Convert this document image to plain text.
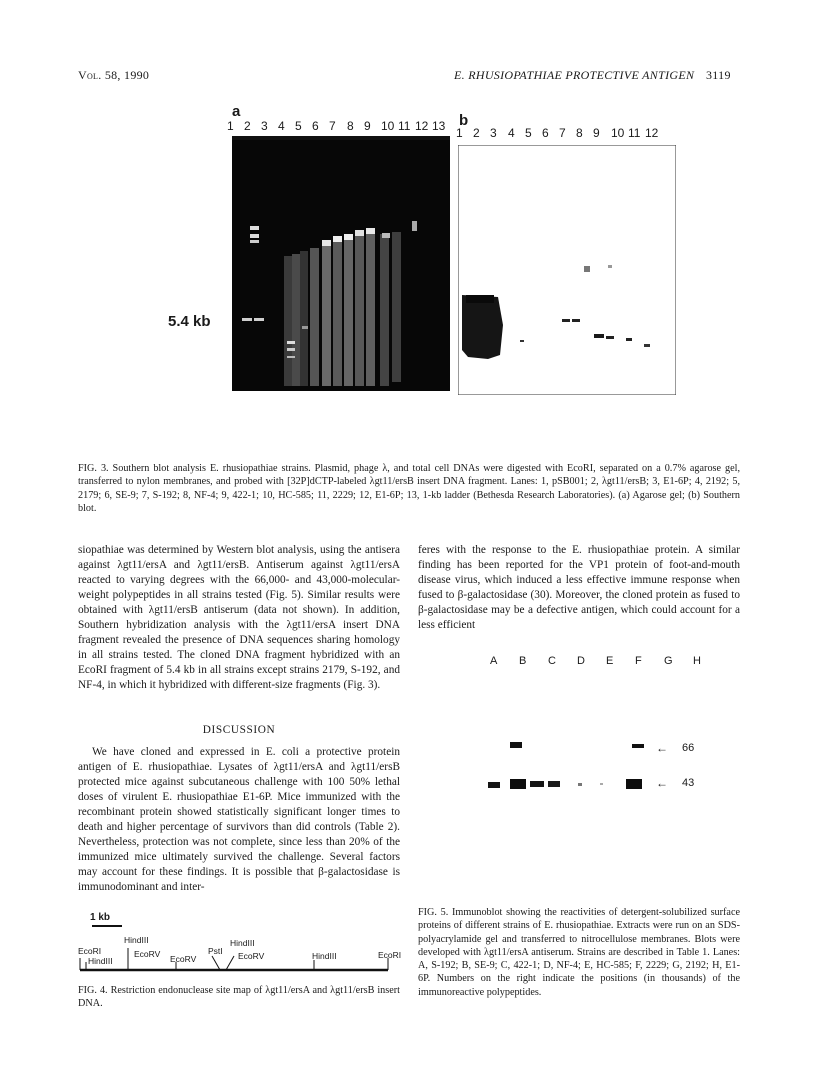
Vol. 58, 1990	E. RHUSIOPATHIAE PROTECTIVE ANTIGEN 3119
a
1 2 3 4 5 6 7 8 9 10 11 12 13
5.4 kb
b
1 2 3 4 5 6 7 8 9 10 11 12
FIG. 3. Southern blot analysis E. rhusiopathiae strains. Plasmid, phage λ, and total cell DNAs were digested with EcoRI, separated on a 0.7% agarose gel, transferred to nylon membranes, and probed with [32P]dCTP-labeled λgt11/ersB insert DNA fragment. Lanes: 1, pSB001; 2, λgt11/ersB; 3, E1-6P; 4, 2192; 5, 2179; 6, SE-9; 7, S-192; 8, NF-4; 9, 422-1; 10, HC-585; 11, 2229; 12, E1-6P; 13, 1-kb ladder (Bethesda Research Laboratories). (a) Agarose gel; (b) Southern blot.
siopathiae was determined by Western blot analysis, using the antisera against λgt11/ersA and λgt11/ersB. Antiserum against λgt11/ersA reacted to varying degrees with the 66,000- and 43,000-molecular-weight polypeptides in all strains tested (Fig. 5). Similar results were obtained with λgt11/ersB antiserum (data not shown). In addition, Southern hybridization analysis with the λgt11/ersA insert DNA fragment revealed the presence of DNA sequences sharing homology in all strains tested. The cloned DNA fragment hybridized with an EcoRI fragment of 5.4 kb in all strains except strains 2179, S-192, and NF-4, in which it hybridized with different-size fragments (Fig. 3).
DISCUSSION
We have cloned and expressed in E. coli a protective protein antigen of E. rhusiopathiae. Lysates of λgt11/ersA and λgt11/ersB protected mice against subcutaneous challenge with 100 50% lethal doses of virulent E. rhusiopathiae E1-6P. Mice immunized with the recombinant protein showed statistically significant longer times to death and higher percentage of survivors than did controls (Table 2). Nevertheless, protection was not complete, since less than 20% of the immunized mice ultimately survived the challenge. Several factors may account for these findings. It is possible that β-galactosidase is immunodominant and inter-
feres with the response to the E. rhusiopathiae protein. A similar finding has been reported for the VP1 protein of foot-and-mouth disease virus, which induced a less effective immune response when fused to β-galactosidase (30). Moreover, the cloned protein as fused to β-galactosidase may be a defective antigen, which could account for a less efficient
A B C D E F G H
← 66
← 43
FIG. 5. Immunoblot showing the reactivities of detergent-solubilized surface proteins of different strains of E. rhusiopathiae. Extracts were run on an SDS-polyacrylamide gel and transferred to nitrocellulose membranes. Blots were developed with λgt11/ersA antiserum. Strains are described in Table 1. Lanes: A, S-192; B, SE-9; C, 422-1; D, NF-4; E, HC-585; F, 2229; G, 2192; H, E1-6P. Numbers on the right indicate the positions (in thousands) of the immunoreactive polypeptides.
1 kb
EcoRI
HindIII
HindIII
EcoRV EcoRV
PstI
HindIII
EcoRV	HindIII	EcoRI
FIG. 4. Restriction endonuclease site map of λgt11/ersA and λgt11/ersB insert DNA.
